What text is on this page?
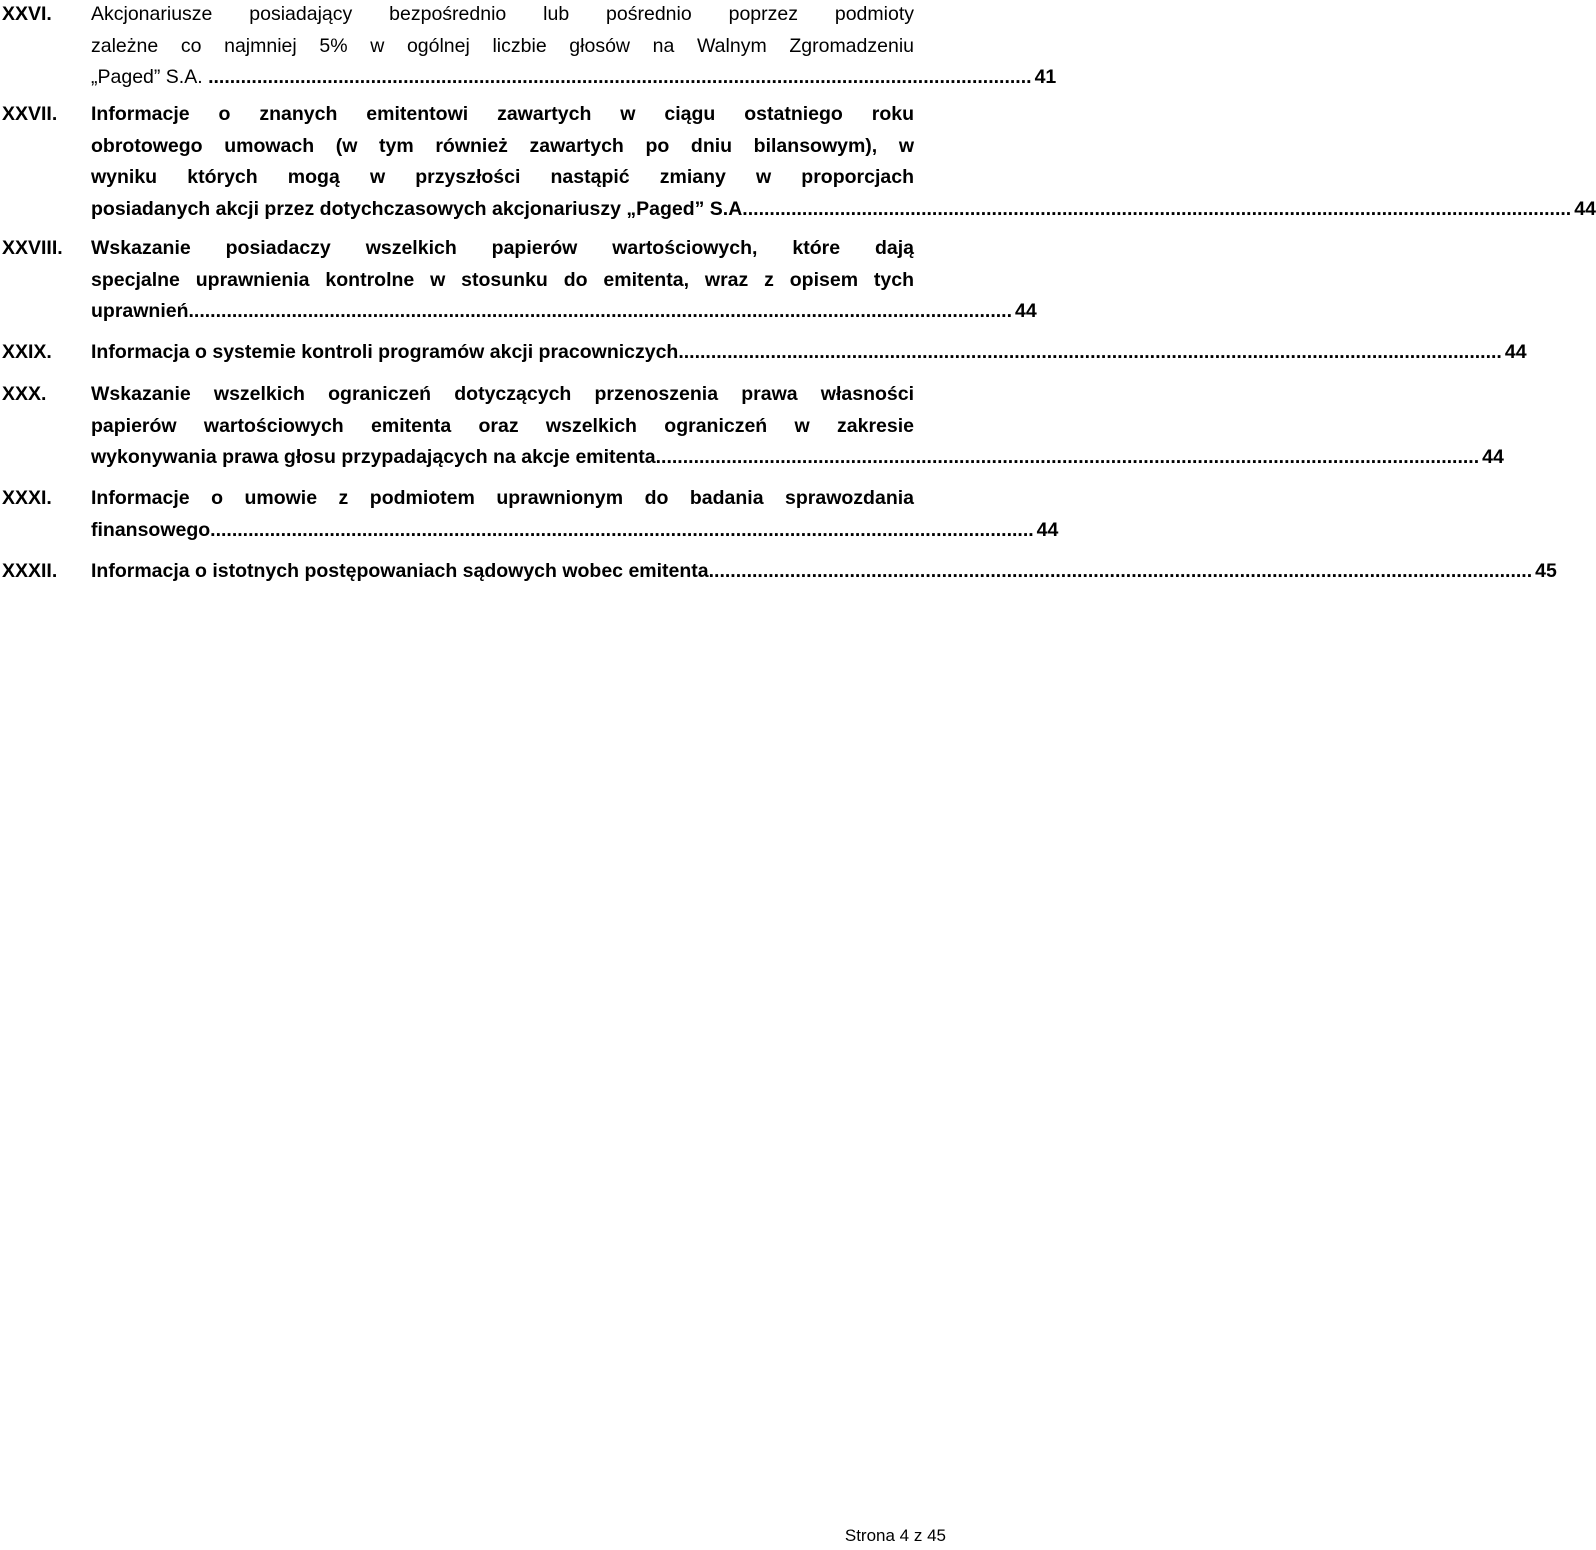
XXVI. Akcjonariusze posiadający bezpośrednio lub pośrednio poprzez podmioty
zależne co najmniej 5% w ogólnej liczbie głosów na Walnym Zgromadzeniu
„Paged” S.A. ........................................................................................................................................................ 41
XXVII. Informacje o znanych emitentowi zawartych w ciągu ostatniego roku
obrotowego umowach (w tym również zawartych po dniu bilansowym), w
wyniku których mogą w przyszłości nastąpić zmiany w proporcjach
posiadanych akcji przez dotychczasowych akcjonariuszy „Paged” S.A. ........................................................................................................................................................ 44
XXVIII. Wskazanie posiadaczy wszelkich papierów wartościowych, które dają
specjalne uprawnienia kontrolne w stosunku do emitenta, wraz z opisem tych
uprawnień ........................................................................................................................................................ 44
XXIX. Informacja o systemie kontroli programów akcji pracowniczych ........................................................................................................................................................ 44
XXX. Wskazanie wszelkich ograniczeń dotyczących przenoszenia prawa własności
papierów wartościowych emitenta oraz wszelkich ograniczeń w zakresie
wykonywania prawa głosu przypadających na akcje emitenta ........................................................................................................................................................ 44
XXXI. Informacje o umowie z podmiotem uprawnionym do badania sprawozdania
finansowego ........................................................................................................................................................ 44
XXXII. Informacja o istotnych postępowaniach sądowych wobec emitenta ........................................................................................................................................................ 45
Strona 4 z 45
